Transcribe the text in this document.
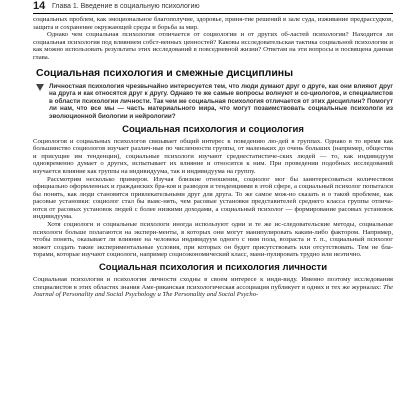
14 Глава 1. Введение в социальную психологию

социальных проблем, как эмоциональное благополучие, здоровье, приня-тие решений в зале суда, изживание предрассудков, защита и сохранение окружающей среды и борьба за мир.

Однако чем социальная психология отличается от социологии и от других об-ластей психологии? Находится ли социальная психология под влиянием собст-венных ценностей? Каковы исследовательская тактика социальной психологии и как можно использовать результаты этих исследований в повседневной жизни? Ответам на эти вопросы и посвящена данная глава.

Социальная психология и смежные дисциплины

Личностная психология чрезвычайно интересуется тем, что люди думают друг о друге, как они влияют друг на друга и как относятся друг к другу. Однако те же самые вопросы волнуют и со-циологов, и специалистов в области психологии личности. Так чем же социальная психология отличается от этих дисциплин? Помогут ли нам, что все мы — часть материального мира, что могут позаимствовать социальные психологи из эволюционной биологии и нейрологии?

Социальная психология и социология

Социологов и социальных психологов связывает общий интерес к поведению лю-дей в группах. Однако в то время как большинство социологов изучает различ-ные по численности группы, от маленьких до очень больших (например, общества и присущие им тенденции), социальные психологи изучают среднестатистиче-ских людей — то, как индивидуум одновременно думает о других, испытывает их влияние и относится к ним. При проведении подобных исследований изучается влияние как группы на индивидуума, так и индивидуума на группу.

Рассмотрим несколько примеров. Изучая близкие отношения, социолог мог бы заинтересоваться количеством официально оформленных и гражданских бра-ков и разводов и тенденциями в этой сфере, а социальный психолог попытался бы понять, как люди становятся привлекательными друг для друга. То же самое мож-но сказать и о такой проблеме, как расовые установки: социолог стал бы выяс-нять, чем расовые установки представителей среднего класса группы отлича-ются от расовых установок людей с более низкими доходами, а социальный психолог — формирование расовых установок индивидуума.

Хотя социологи и социальные психологи иногда используют одни и те же ис-следовательские методы, социальные психологи больше полагаются на экспери-менты, в которых они могут манипулировать каким-либо фактором. Например, чтобы понять, оказывает ли влияние на человека индивидуум одного с ним пола, возраста и т. п., социальный психолог может создать такие экспериментальные условия, при которых он будет присутствовать или отсутствовать. Тем не бла-торами, которые изучают социологи, например социоэкономический класс, мани-пулировать трудно или неэтично.

Социальная психология и психология личности

Социальная психология и психология личности сходны в своем интересе к инди-виду. Именно поэтому исследования специалистов в этих областях знания Аме-риканская психологическая ассоциация публикует в одних и тех же журналах: The Journal of Personality and Social Psychology и The Personality and Social Psycho-
